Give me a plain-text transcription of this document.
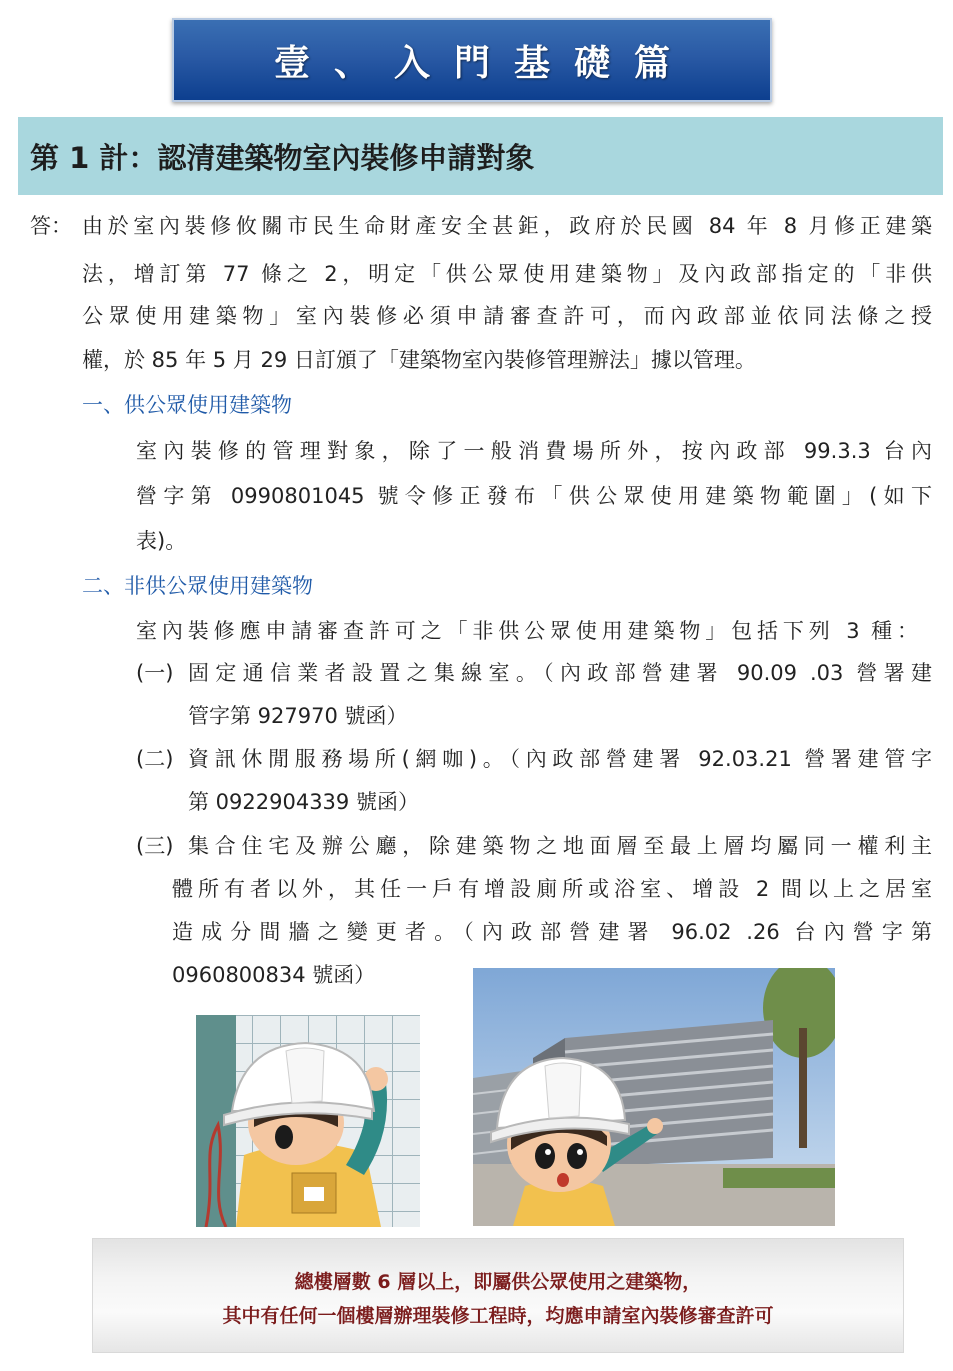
壹、入門基礎篇
第 1 計：認清建築物室內裝修申請對象
答： 由於室內裝修攸關市民生命財產安全甚鉅，政府於民國 84 年 8 月修正建築
法，增訂第 77 條之 2，明定「供公眾使用建築物」及內政部指定的「非供
公眾使用建築物」室內裝修必須申請審查許可，而內政部並依同法條之授
權，於 85 年 5 月 29 日訂頒了「建築物室內裝修管理辦法」據以管理。
一、供公眾使用建築物
室內裝修的管理對象，除了一般消費場所外，按內政部 99.3.3 台內
營字第 0990801045 號令修正發布「供公眾使用建築物範圍」(如下
表)。
二、非供公眾使用建築物
室內裝修應申請審查許可之「非供公眾使用建築物」包括下列 3 種：
(一) 固定通信業者設置之集線室。（內政部營建署 90.09 .03 營署建
管字第 927970 號函）
(二) 資訊休閒服務場所(網咖)。（內政部營建署 92.03.21 營署建管字
第 0922904339 號函）
(三) 集合住宅及辦公廳，除建築物之地面層至最上層均屬同一權利主
體所有者以外，其任一戶有增設廁所或浴室、增設 2 間以上之居室
造成分間牆之變更者。（內政部營建署 96.02 .26 台內營字第
0960800834 號函）
總樓層數 6 層以上，即屬供公眾使用之建築物，
其中有任何一個樓層辦理裝修工程時，均應申請室內裝修審查許可
